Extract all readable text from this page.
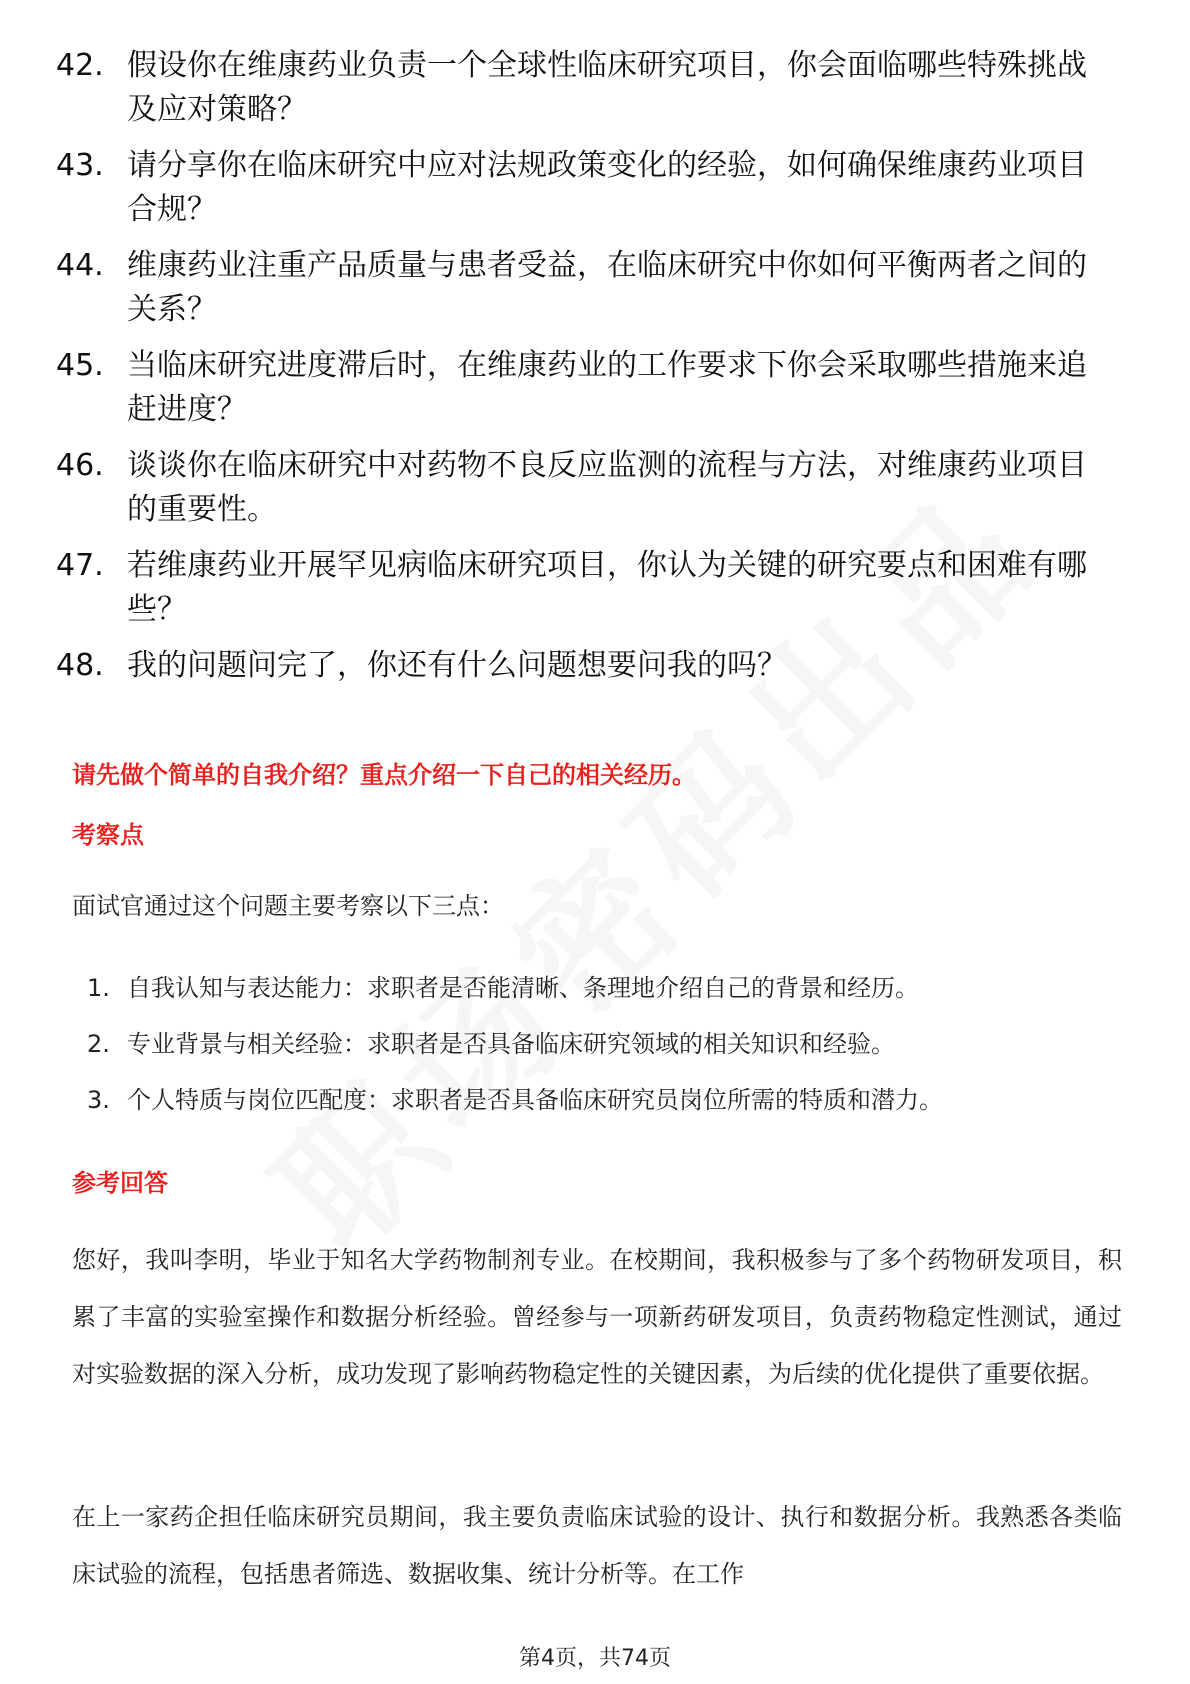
42. 假设你在维康药业负责一个全球性临床研究项目，你会面临哪些特殊挑战及应对策略？
43. 请分享你在临床研究中应对法规政策变化的经验，如何确保维康药业项目合规？
44. 维康药业注重产品质量与患者受益，在临床研究中你如何平衡两者之间的关系？
45. 当临床研究进度滞后时，在维康药业的工作要求下你会采取哪些措施来追赶进度？
46. 谈谈你在临床研究中对药物不良反应监测的流程与方法，对维康药业项目的重要性。
47. 若维康药业开展罕见病临床研究项目，你认为关键的研究要点和困难有哪些？
48. 我的问题问完了，你还有什么问题想要问我的吗？
请先做个简单的自我介绍？重点介绍一下自己的相关经历。
考察点
面试官通过这个问题主要考察以下三点：
1. 自我认知与表达能力：求职者是否能清晰、条理地介绍自己的背景和经历。
2. 专业背景与相关经验：求职者是否具备临床研究领域的相关知识和经验。
3. 个人特质与岗位匹配度：求职者是否具备临床研究员岗位所需的特质和潜力。
参考回答

您好，我叫李明，毕业于知名大学药物制剂专业。在校期间，我积极参与了多个药物研发项目，积累了丰富的实验室操作和数据分析经验。曾经参与一项新药研发项目，负责药物稳定性测试，通过对实验数据的深入分析，成功发现了影响药物稳定性的关键因素，为后续的优化提供了重要依据。

在上一家药企担任临床研究员期间，我主要负责临床试验的设计、执行和数据分析。我熟悉各类临床试验的流程，包括患者筛选、数据收集、统计分析等。在工作

第4页，共74页
